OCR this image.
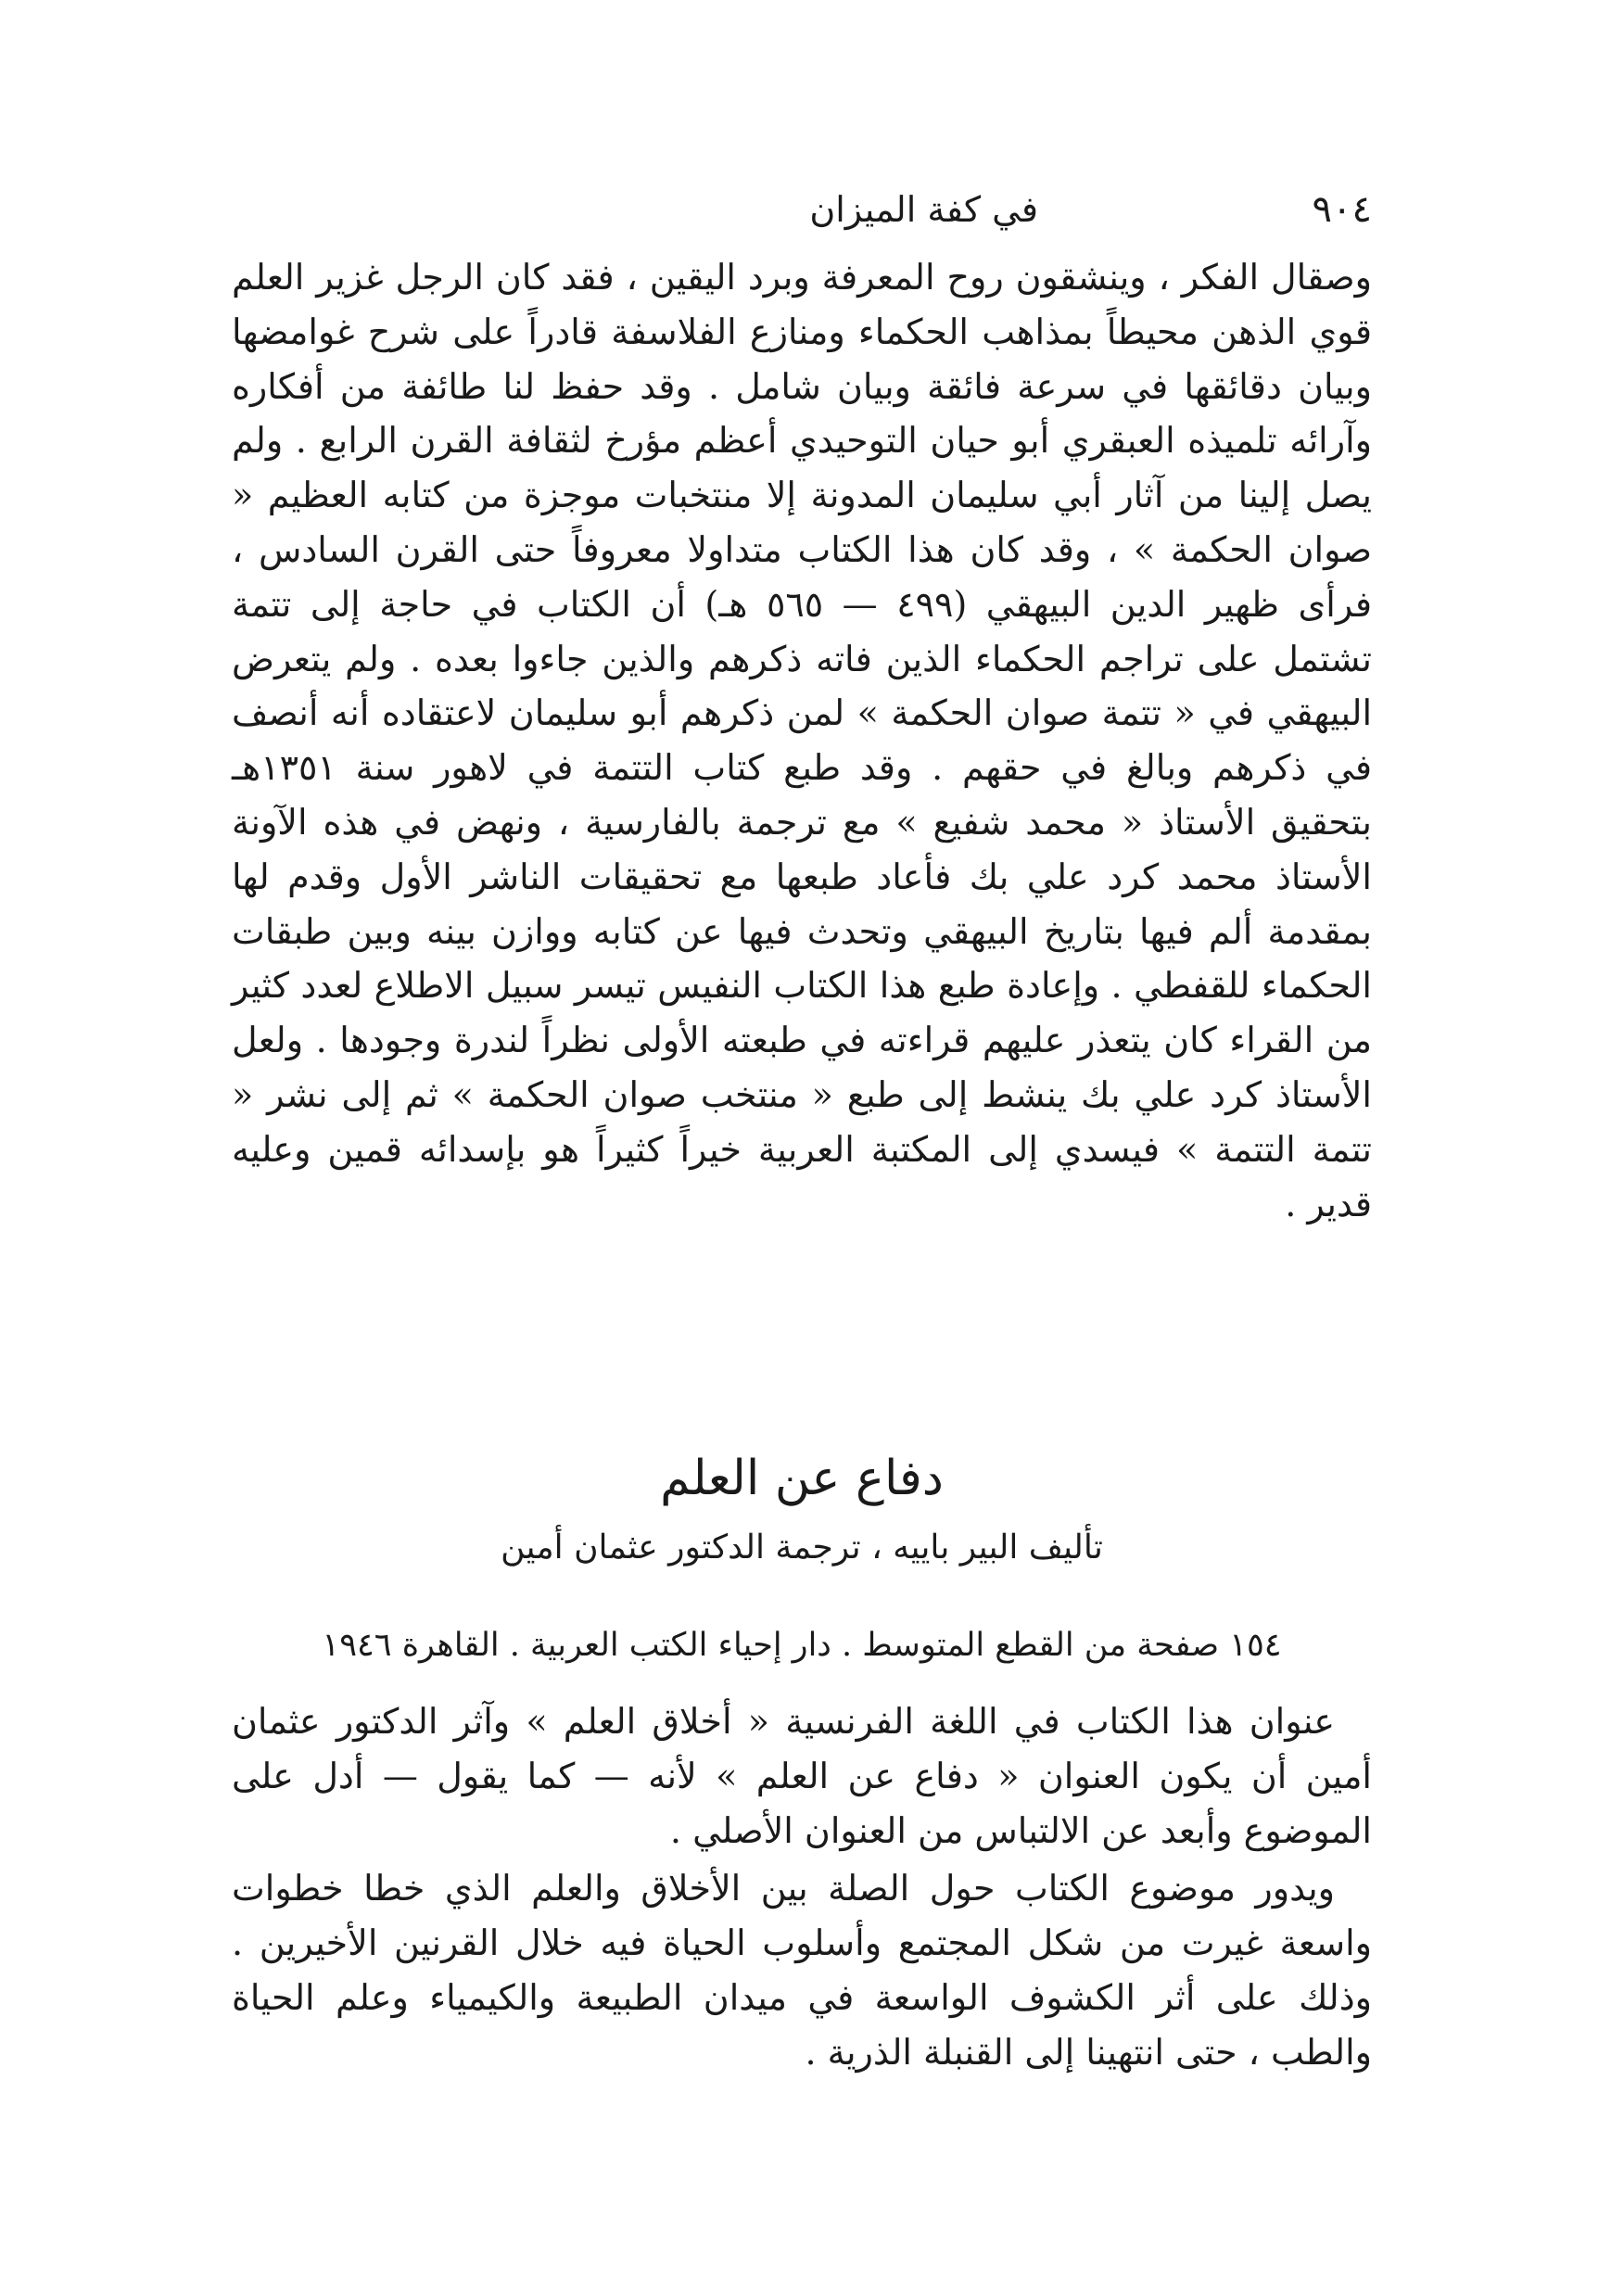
٩٠٤
في كفة الميزان

وصقال الفكر ، وينشقون روح المعرفة وبرد اليقين ، فقد كان الرجل غزير العلم قوي الذهن محيطاً بمذاهب الحكماء ومنازع الفلاسفة قادراً على شرح غوامضها وبيان دقائقها في سرعة فائقة وبيان شامل . وقد حفظ لنا طائفة من أفكاره وآرائه تلميذه العبقري أبو حيان التوحيدي أعظم مؤرخ لثقافة القرن الرابع . ولم يصل إلينا من آثار أبي سليمان المدونة إلا منتخبات موجزة من كتابه العظيم « صوان الحكمة » ، وقد كان هذا الكتاب متداولا معروفاً حتى القرن السادس ، فرأى ظهير الدين البيهقي (٤٩٩ — ٥٦٥ هـ) أن الكتاب في حاجة إلى تتمة تشتمل على تراجم الحكماء الذين فاته ذكرهم والذين جاءوا بعده . ولم يتعرض البيهقي في « تتمة صوان الحكمة » لمن ذكرهم أبو سليمان لاعتقاده أنه أنصف في ذكرهم وبالغ في حقهم . وقد طبع كتاب التتمة في لاهور سنة ١٣٥١هـ بتحقيق الأستاذ « محمد شفيع » مع ترجمة بالفارسية ، ونهض في هذه الآونة الأستاذ محمد كرد علي بك فأعاد طبعها مع تحقيقات الناشر الأول وقدم لها بمقدمة ألم فيها بتاريخ البيهقي وتحدث فيها عن كتابه ووازن بينه وبين طبقات الحكماء للقفطي . وإعادة طبع هذا الكتاب النفيس تيسر سبيل الاطلاع لعدد كثير من القراء كان يتعذر عليهم قراءته في طبعته الأولى نظراً لندرة وجودها . ولعل الأستاذ كرد علي بك ينشط إلى طبع « منتخب صوان الحكمة » ثم إلى نشر « تتمة التتمة » فيسدي إلى المكتبة العربية خيراً كثيراً هو بإسدائه قمين وعليه قدير .

دفاع عن العلم
تأليف البير باييه ، ترجمة الدكتور عثمان أمين
١٥٤ صفحة من القطع المتوسط . دار إحياء الكتب العربية . القاهرة ١٩٤٦

عنوان هذا الكتاب في اللغة الفرنسية « أخلاق العلم » وآثر الدكتور عثمان أمين أن يكون العنوان « دفاع عن العلم » لأنه — كما يقول — أدل على الموضوع وأبعد عن الالتباس من العنوان الأصلي .

ويدور موضوع الكتاب حول الصلة بين الأخلاق والعلم الذي خطا خطوات واسعة غيرت من شكل المجتمع وأسلوب الحياة فيه خلال القرنين الأخيرين . وذلك على أثر الكشوف الواسعة في ميدان الطبيعة والكيمياء وعلم الحياة والطب ، حتى انتهينا إلى القنبلة الذرية .
